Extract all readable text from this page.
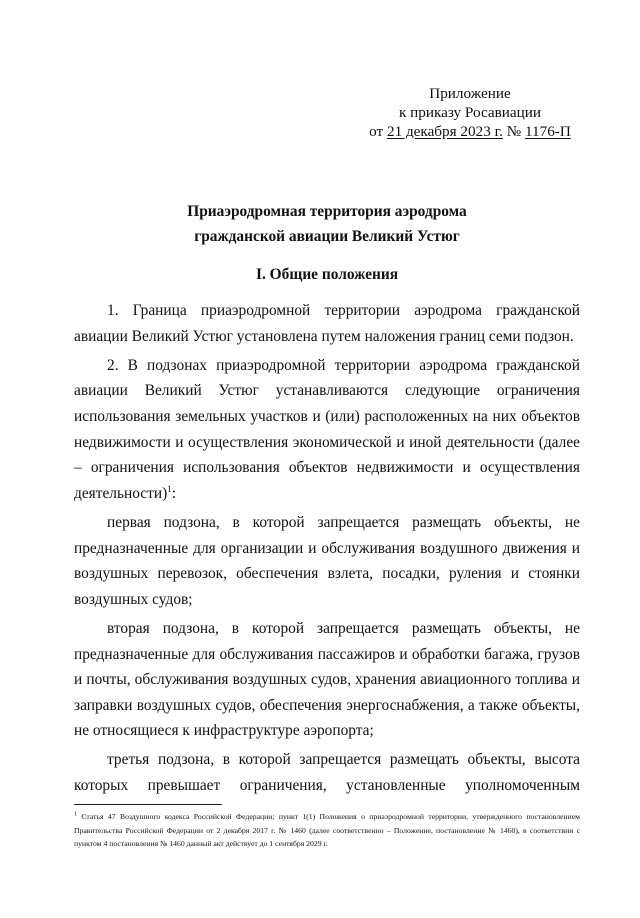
Приложение
к приказу Росавиации
от 21 декабря 2023 г. № 1176-П
Приаэродромная территория аэродрома
гражданской авиации Великий Устюг
I. Общие положения

1. Граница приаэродромной территории аэродрома гражданской авиации Великий Устюг установлена путем наложения границ семи подзон.

2. В подзонах приаэродромной территории аэродрома гражданской авиации Великий Устюг устанавливаются следующие ограничения использования земельных участков и (или) расположенных на них объектов недвижимости и осуществления экономической и иной деятельности (далее – ограничения использования объектов недвижимости и осуществления деятельности)$^1$:

первая подзона, в которой запрещается размещать объекты, не предназначенные для организации и обслуживания воздушного движения и воздушных перевозок, обеспечения взлета, посадки, руления и стоянки воздушных судов;

вторая подзона, в которой запрещается размещать объекты, не предназначенные для обслуживания пассажиров и обработки багажа, грузов и почты, обслуживания воздушных судов, хранения авиационного топлива и заправки воздушных судов, обеспечения энергоснабжения, а также объекты, не относящиеся к инфраструктуре аэропорта;

третья подзона, в которой запрещается размещать объекты, высота которых превышает ограничения, установленные уполномоченным

$^1$ Статья 47 Воздушного кодекса Российской Федерации; пункт 1(1) Положения о приаэродромной территории, утвержденного постановлением Правительства Российской Федерации от 2 декабря 2017 г. № 1460 (далее соответственно – Положение, постановление № 1460), в соответствии с пунктом 4 постановления № 1460 данный акт действует до 1 сентября 2029 г.
